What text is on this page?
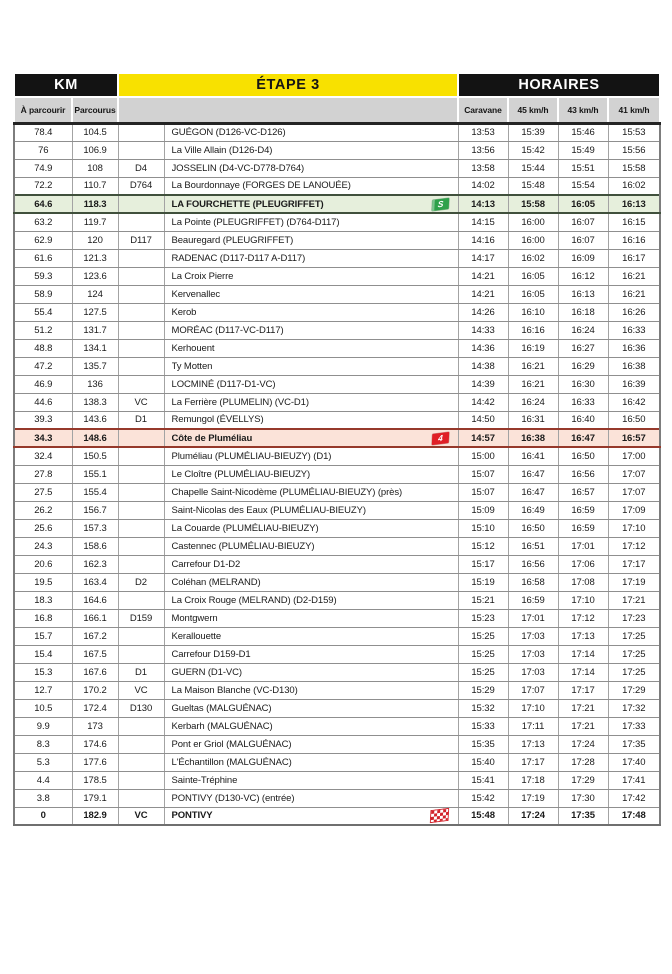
KM		ÉTAPE 3		HORAIRES			
À parcourir	Parcourus			Caravane	45 km/h	43 km/h	41 km/h
78.4	104.5		GUÉGON (D126-VC-D126)	13:53	15:39	15:46	15:53
76	106.9		La Ville Allain (D126-D4)	13:56	15:42	15:49	15:56
74.9	108	D4	JOSSELIN (D4-VC-D778-D764)	13:58	15:44	15:51	15:58
72.2	110.7	D764	La Bourdonnaye (FORGES DE LANOUÉE)	14:02	15:48	15:54	16:02
64.6	118.3		LA FOURCHETTE (PLEUGRIFFET) S	14:13	15:58	16:05	16:13
63.2	119.7		La Pointe (PLEUGRIFFET) (D764-D117)	14:15	16:00	16:07	16:15
62.9	120	D117	Beauregard (PLEUGRIFFET)	14:16	16:00	16:07	16:16
61.6	121.3		RADENAC (D117-D117 A-D117)	14:17	16:02	16:09	16:17
59.3	123.6		La Croix Pierre	14:21	16:05	16:12	16:21
58.9	124		Kervenallec	14:21	16:05	16:13	16:21
55.4	127.5		Kerob	14:26	16:10	16:18	16:26
51.2	131.7		MORÉAC (D117-VC-D117)	14:33	16:16	16:24	16:33
48.8	134.1		Kerhouent	14:36	16:19	16:27	16:36
47.2	135.7		Ty Motten	14:38	16:21	16:29	16:38
46.9	136		LOCMINÉ (D117-D1-VC)	14:39	16:21	16:30	16:39
44.6	138.3	VC	La Ferrière (PLUMELIN) (VC-D1)	14:42	16:24	16:33	16:42
39.3	143.6	D1	Remungol (ÉVELLYS)	14:50	16:31	16:40	16:50
34.3	148.6		Côte de Pluméliau 4	14:57	16:38	16:47	16:57
32.4	150.5		Pluméliau (PLUMÉLIAU-BIEUZY) (D1)	15:00	16:41	16:50	17:00
27.8	155.1		Le Cloître (PLUMÉLIAU-BIEUZY)	15:07	16:47	16:56	17:07
27.5	155.4		Chapelle Saint-Nicodème (PLUMÉLIAU-BIEUZY) (près)	15:07	16:47	16:57	17:07
26.2	156.7		Saint-Nicolas des Eaux (PLUMÉLIAU-BIEUZY)	15:09	16:49	16:59	17:09
25.6	157.3		La Couarde (PLUMÉLIAU-BIEUZY)	15:10	16:50	16:59	17:10
24.3	158.6		Castennec (PLUMÉLIAU-BIEUZY)	15:12	16:51	17:01	17:12
20.6	162.3		Carrefour D1-D2	15:17	16:56	17:06	17:17
19.5	163.4	D2	Coléhan (MELRAND)	15:19	16:58	17:08	17:19
18.3	164.6		La Croix Rouge (MELRAND) (D2-D159)	15:21	16:59	17:10	17:21
16.8	166.1	D159	Montgwern	15:23	17:01	17:12	17:23
15.7	167.2		Kerallouette	15:25	17:03	17:13	17:25
15.4	167.5		Carrefour D159-D1	15:25	17:03	17:14	17:25
15.3	167.6	D1	GUERN (D1-VC)	15:25	17:03	17:14	17:25
12.7	170.2	VC	La Maison Blanche (VC-D130)	15:29	17:07	17:17	17:29
10.5	172.4	D130	Gueltas (MALGUÉNAC)	15:32	17:10	17:21	17:32
9.9	173		Kerbarh (MALGUÉNAC)	15:33	17:11	17:21	17:33
8.3	174.6		Pont er Griol (MALGUÉNAC)	15:35	17:13	17:24	17:35
5.3	177.6		L'Échantillon (MALGUÉNAC)	15:40	17:17	17:28	17:40
4.4	178.5		Sainte-Tréphine	15:41	17:18	17:29	17:41
3.8	179.1		PONTIVY (D130-VC) (entrée)	15:42	17:19	17:30	17:42
0	182.9	VC	PONTIVY	15:48	17:24	17:35	17:48
